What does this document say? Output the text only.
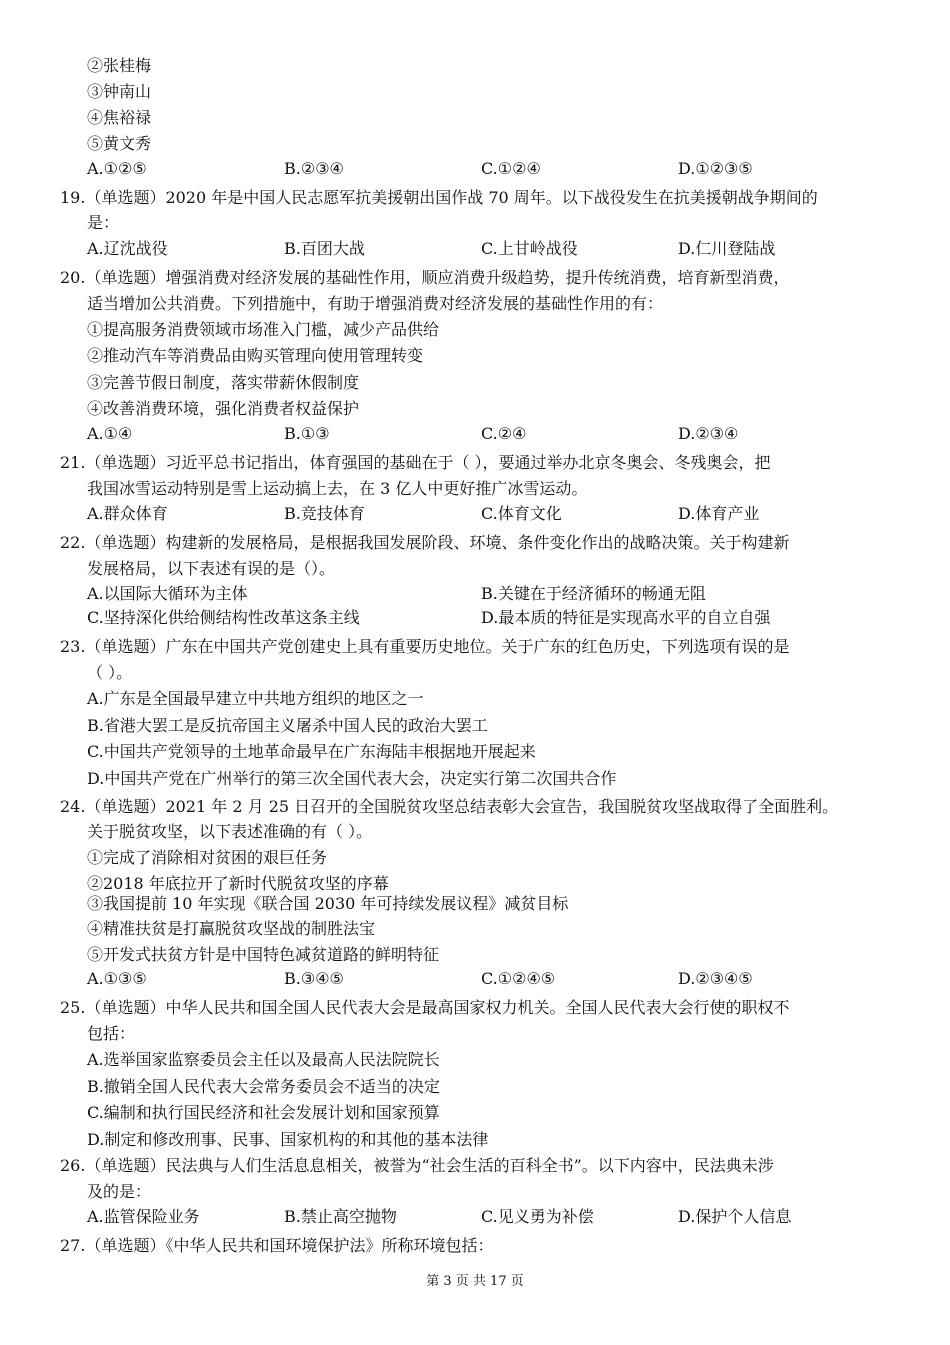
②张桂梅
③钟南山
④焦裕禄
⑤黄文秀
A.①②⑤	B.②③④	C.①②④	D.①②③⑤
19.（单选题）2020 年是中国人民志愿军抗美援朝出国作战 70 周年。以下战役发生在抗美援朝战争期间的
是：
A.辽沈战役	B.百团大战	C.上甘岭战役	D.仁川登陆战
20.（单选题）增强消费对经济发展的基础性作用，顺应消费升级趋势，提升传统消费，培育新型消费，
适当增加公共消费。下列措施中，有助于增强消费对经济发展的基础性作用的有：
①提高服务消费领域市场准入门槛，减少产品供给
②推动汽车等消费品由购买管理向使用管理转变
③完善节假日制度，落实带薪休假制度
④改善消费环境，强化消费者权益保护
A.①④	B.①③	C.②④	D.②③④
21.（单选题）习近平总书记指出，体育强国的基础在于（ ），要通过举办北京冬奥会、冬残奥会，把
我国冰雪运动特别是雪上运动搞上去，在 3 亿人中更好推广冰雪运动。
A.群众体育	B.竞技体育	C.体育文化	D.体育产业
22.（单选题）构建新的发展格局，是根据我国发展阶段、环境、条件变化作出的战略决策。关于构建新
发展格局，以下表述有误的是（）。
A.以国际大循环为主体	B.关键在于经济循环的畅通无阻
C.坚持深化供给侧结构性改革这条主线	D.最本质的特征是实现高水平的自立自强
23.（单选题）广东在中国共产党创建史上具有重要历史地位。关于广东的红色历史，下列选项有误的是
（ ）。
A.广东是全国最早建立中共地方组织的地区之一
B.省港大罢工是反抗帝国主义屠杀中国人民的政治大罢工
C.中国共产党领导的土地革命最早在广东海陆丰根据地开展起来
D.中国共产党在广州举行的第三次全国代表大会，决定实行第二次国共合作
24.（单选题）2021 年 2 月 25 日召开的全国脱贫攻坚总结表彰大会宣告，我国脱贫攻坚战取得了全面胜利。
关于脱贫攻坚，以下表述准确的有（ ）。
①完成了消除相对贫困的艰巨任务
②2018 年底拉开了新时代脱贫攻坚的序幕
③我国提前 10 年实现《联合国 2030 年可持续发展议程》减贫目标
④精准扶贫是打赢脱贫攻坚战的制胜法宝
⑤开发式扶贫方针是中国特色减贫道路的鲜明特征
A.①③⑤	B.③④⑤	C.①②④⑤	D.②③④⑤
25.（单选题）中华人民共和国全国人民代表大会是最高国家权力机关。全国人民代表大会行使的职权不
包括：
A.选举国家监察委员会主任以及最高人民法院院长
B.撤销全国人民代表大会常务委员会不适当的决定
C.编制和执行国民经济和社会发展计划和国家预算
D.制定和修改刑事、民事、国家机构的和其他的基本法律
26.（单选题）民法典与人们生活息息相关，被誉为“社会生活的百科全书”。以下内容中，民法典未涉
及的是：
A.监管保险业务	B.禁止高空抛物	C.见义勇为补偿	D.保护个人信息
27.（单选题）《中华人民共和国环境保护法》所称环境包括：
第 3 页 共 17 页
